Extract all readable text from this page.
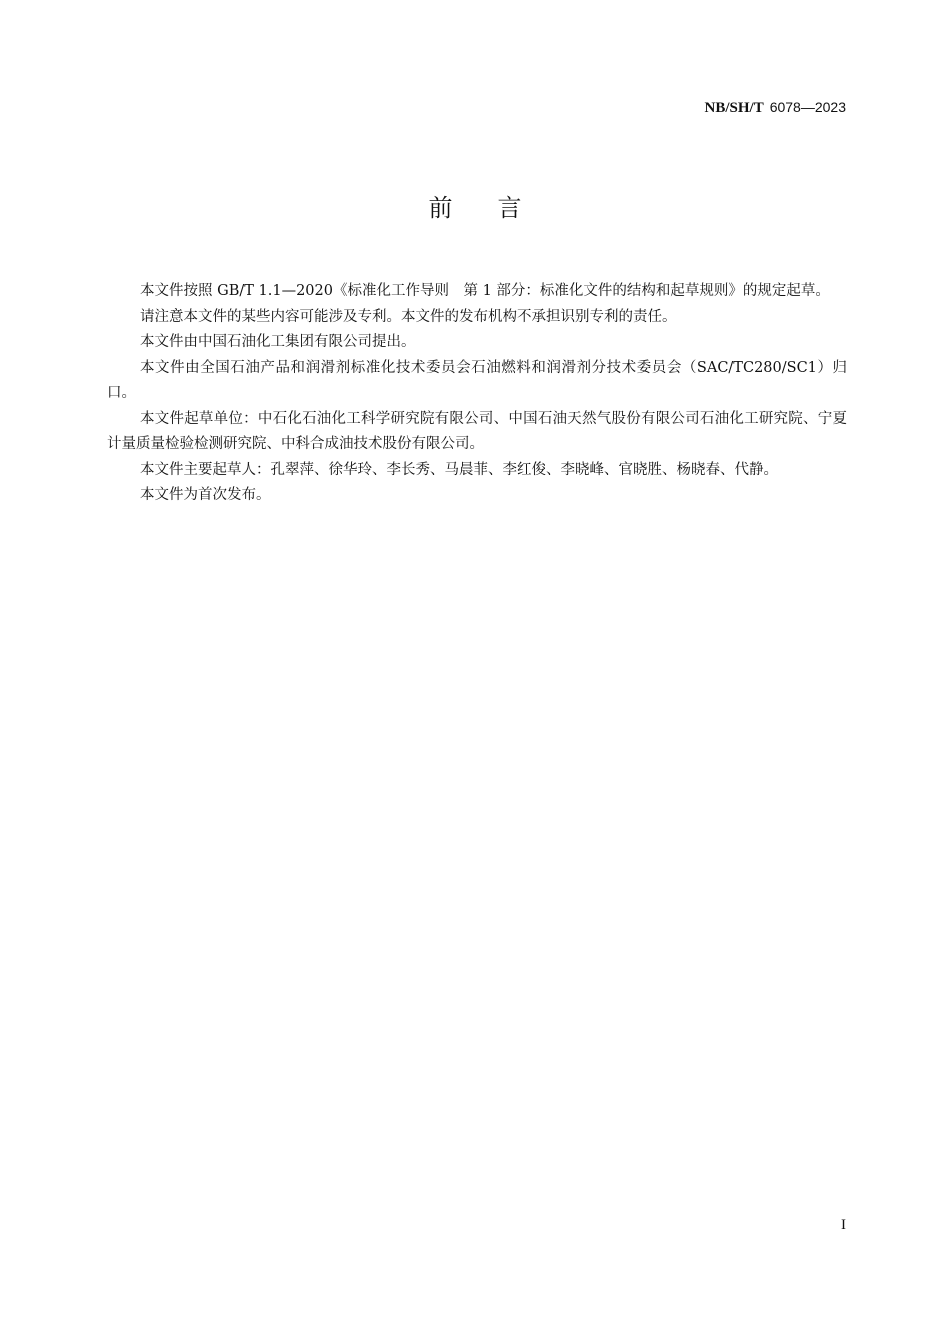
NB/SH/T 6078—2023
前言

本文件按照 GB/T 1.1—2020《标准化工作导则　第 1 部分：标准化文件的结构和起草规则》的规定起草。

请注意本文件的某些内容可能涉及专利。本文件的发布机构不承担识别专利的责任。

本文件由中国石油化工集团有限公司提出。

本文件由全国石油产品和润滑剂标准化技术委员会石油燃料和润滑剂分技术委员会（SAC/TC280/SC1）归口。

本文件起草单位：中石化石油化工科学研究院有限公司、中国石油天然气股份有限公司石油化工研究院、宁夏计量质量检验检测研究院、中科合成油技术股份有限公司。

本文件主要起草人：孔翠萍、徐华玲、李长秀、马晨菲、李红俊、李晓峰、官晓胜、杨晓春、代静。

本文件为首次发布。

I
